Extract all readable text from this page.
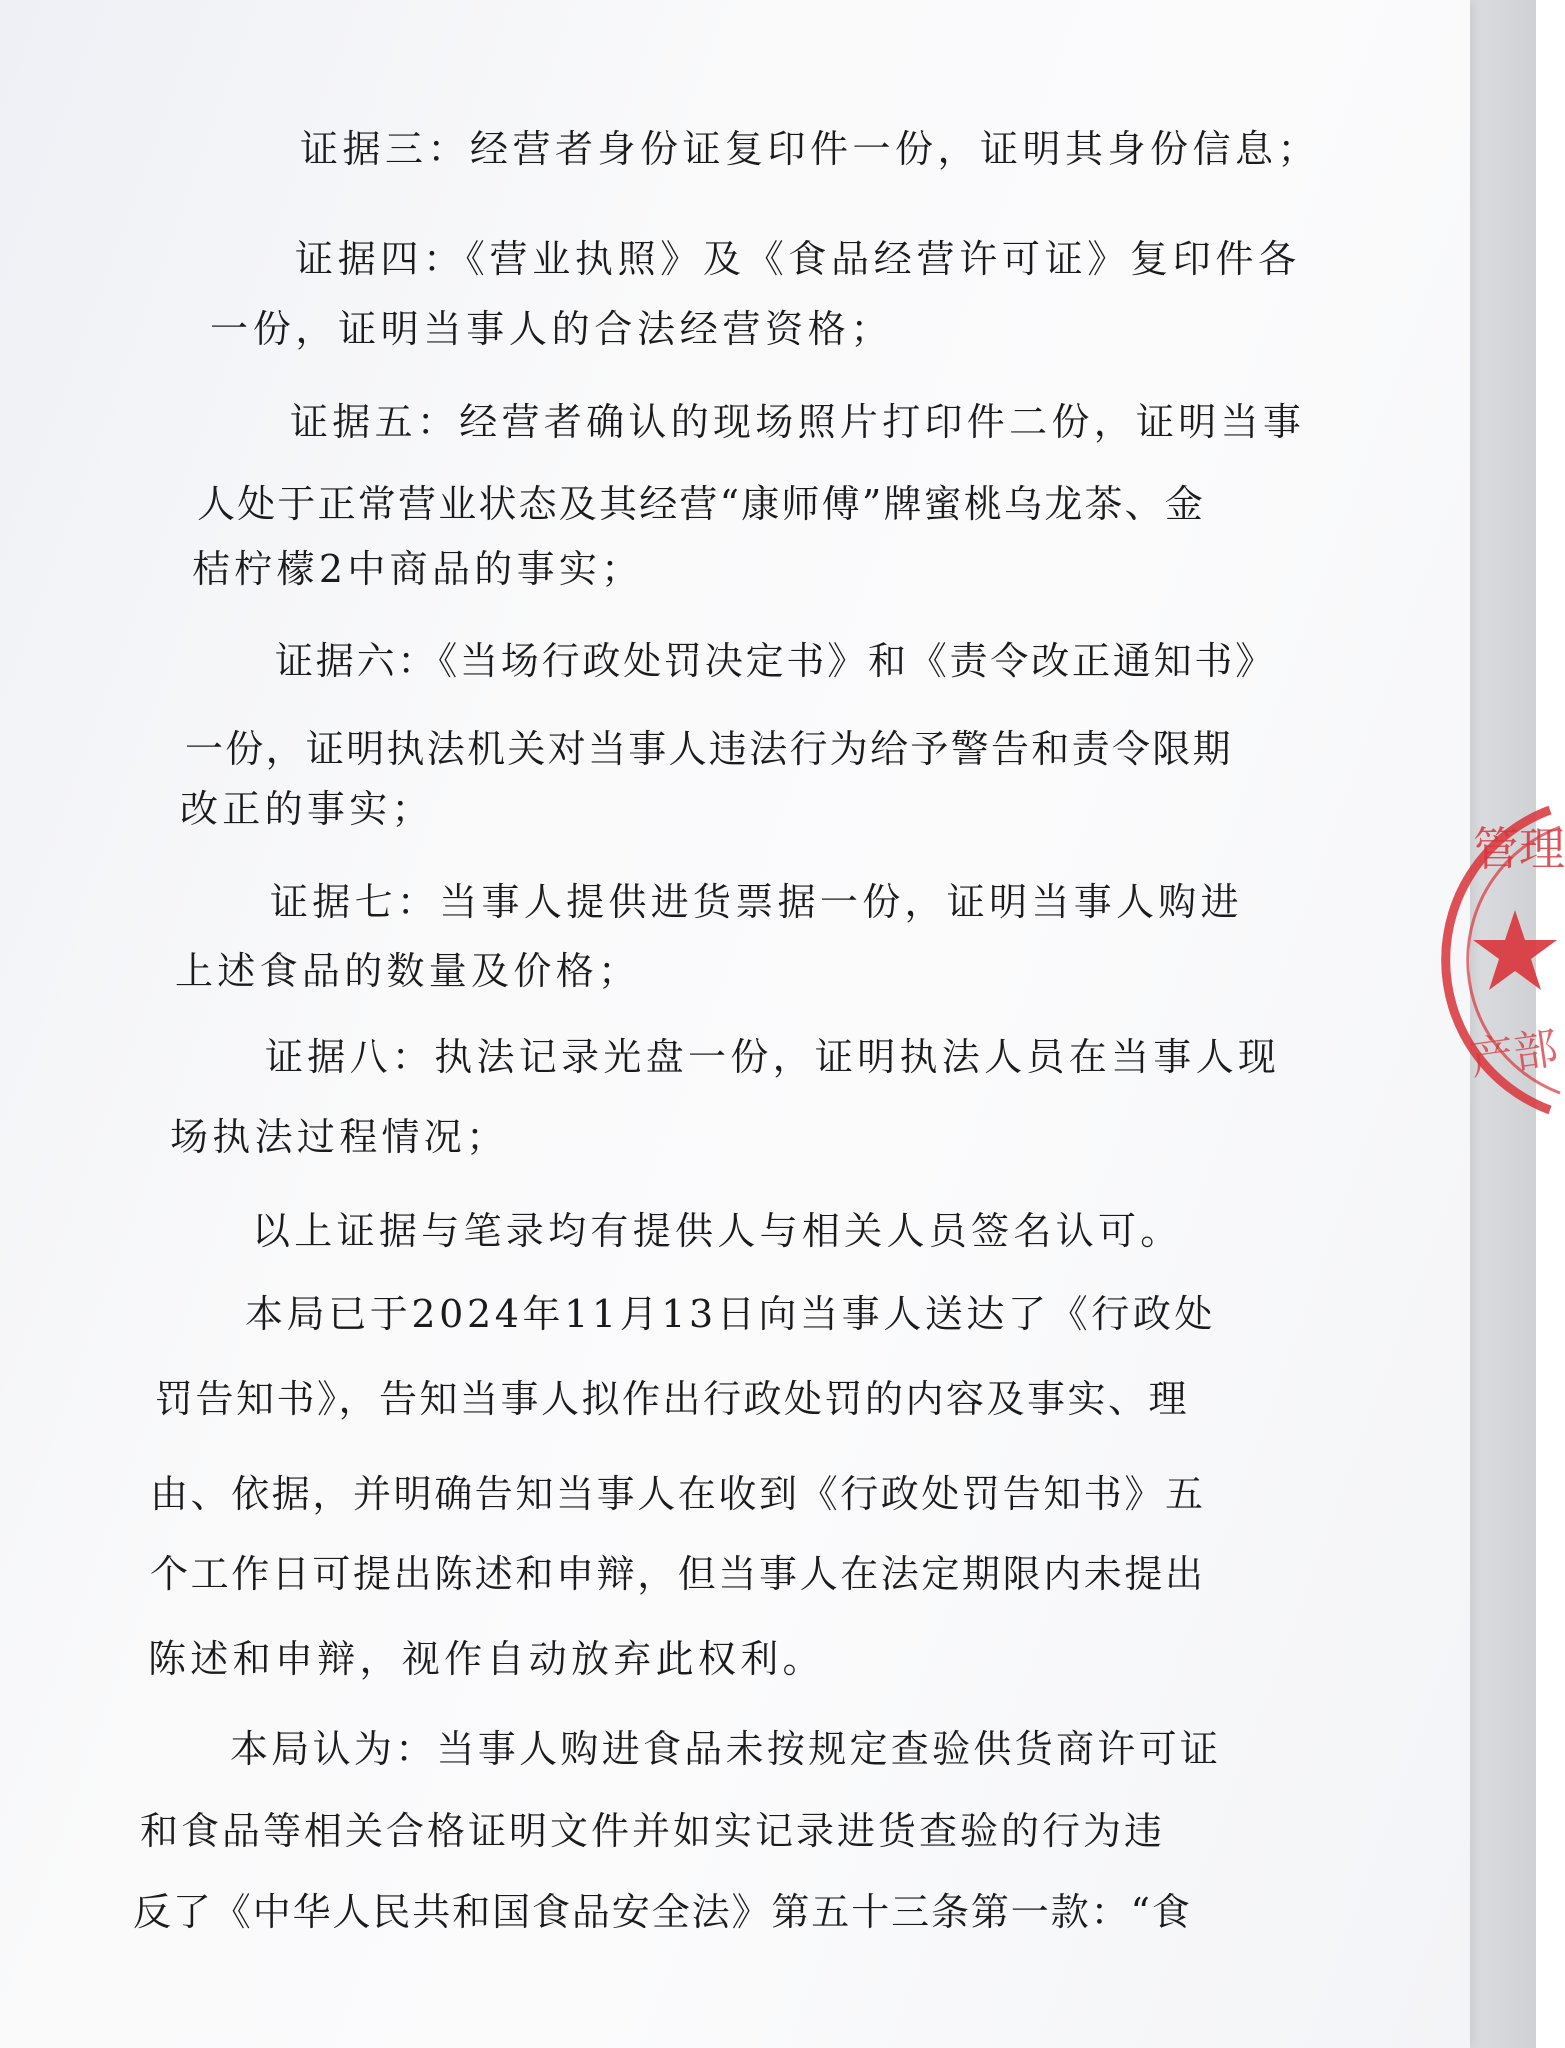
证据三：经营者身份证复印件一份，证明其身份信息；
证据四：《营业执照》及《食品经营许可证》复印件各
一份，证明当事人的合法经营资格；
证据五：经营者确认的现场照片打印件二份，证明当事
人处于正常营业状态及其经营“康师傅”牌蜜桃乌龙茶、金
桔柠檬2中商品的事实；
证据六：《当场行政处罚决定书》和《责令改正通知书》
一份，证明执法机关对当事人违法行为给予警告和责令限期
改正的事实；
证据七：当事人提供进货票据一份，证明当事人购进
上述食品的数量及价格；
证据八：执法记录光盘一份，证明执法人员在当事人现
场执法过程情况；
以上证据与笔录均有提供人与相关人员签名认可。
本局已于2024年11月13日向当事人送达了《行政处
罚告知书》，告知当事人拟作出行政处罚的内容及事实、理
由、依据，并明确告知当事人在收到《行政处罚告知书》五
个工作日可提出陈述和申辩，但当事人在法定期限内未提出
陈述和申辩，视作自动放弃此权利。
本局认为：当事人购进食品未按规定查验供货商许可证
和食品等相关合格证明文件并如实记录进货查验的行为违
反了《中华人民共和国食品安全法》第五十三条第一款：“食
管理
产部
